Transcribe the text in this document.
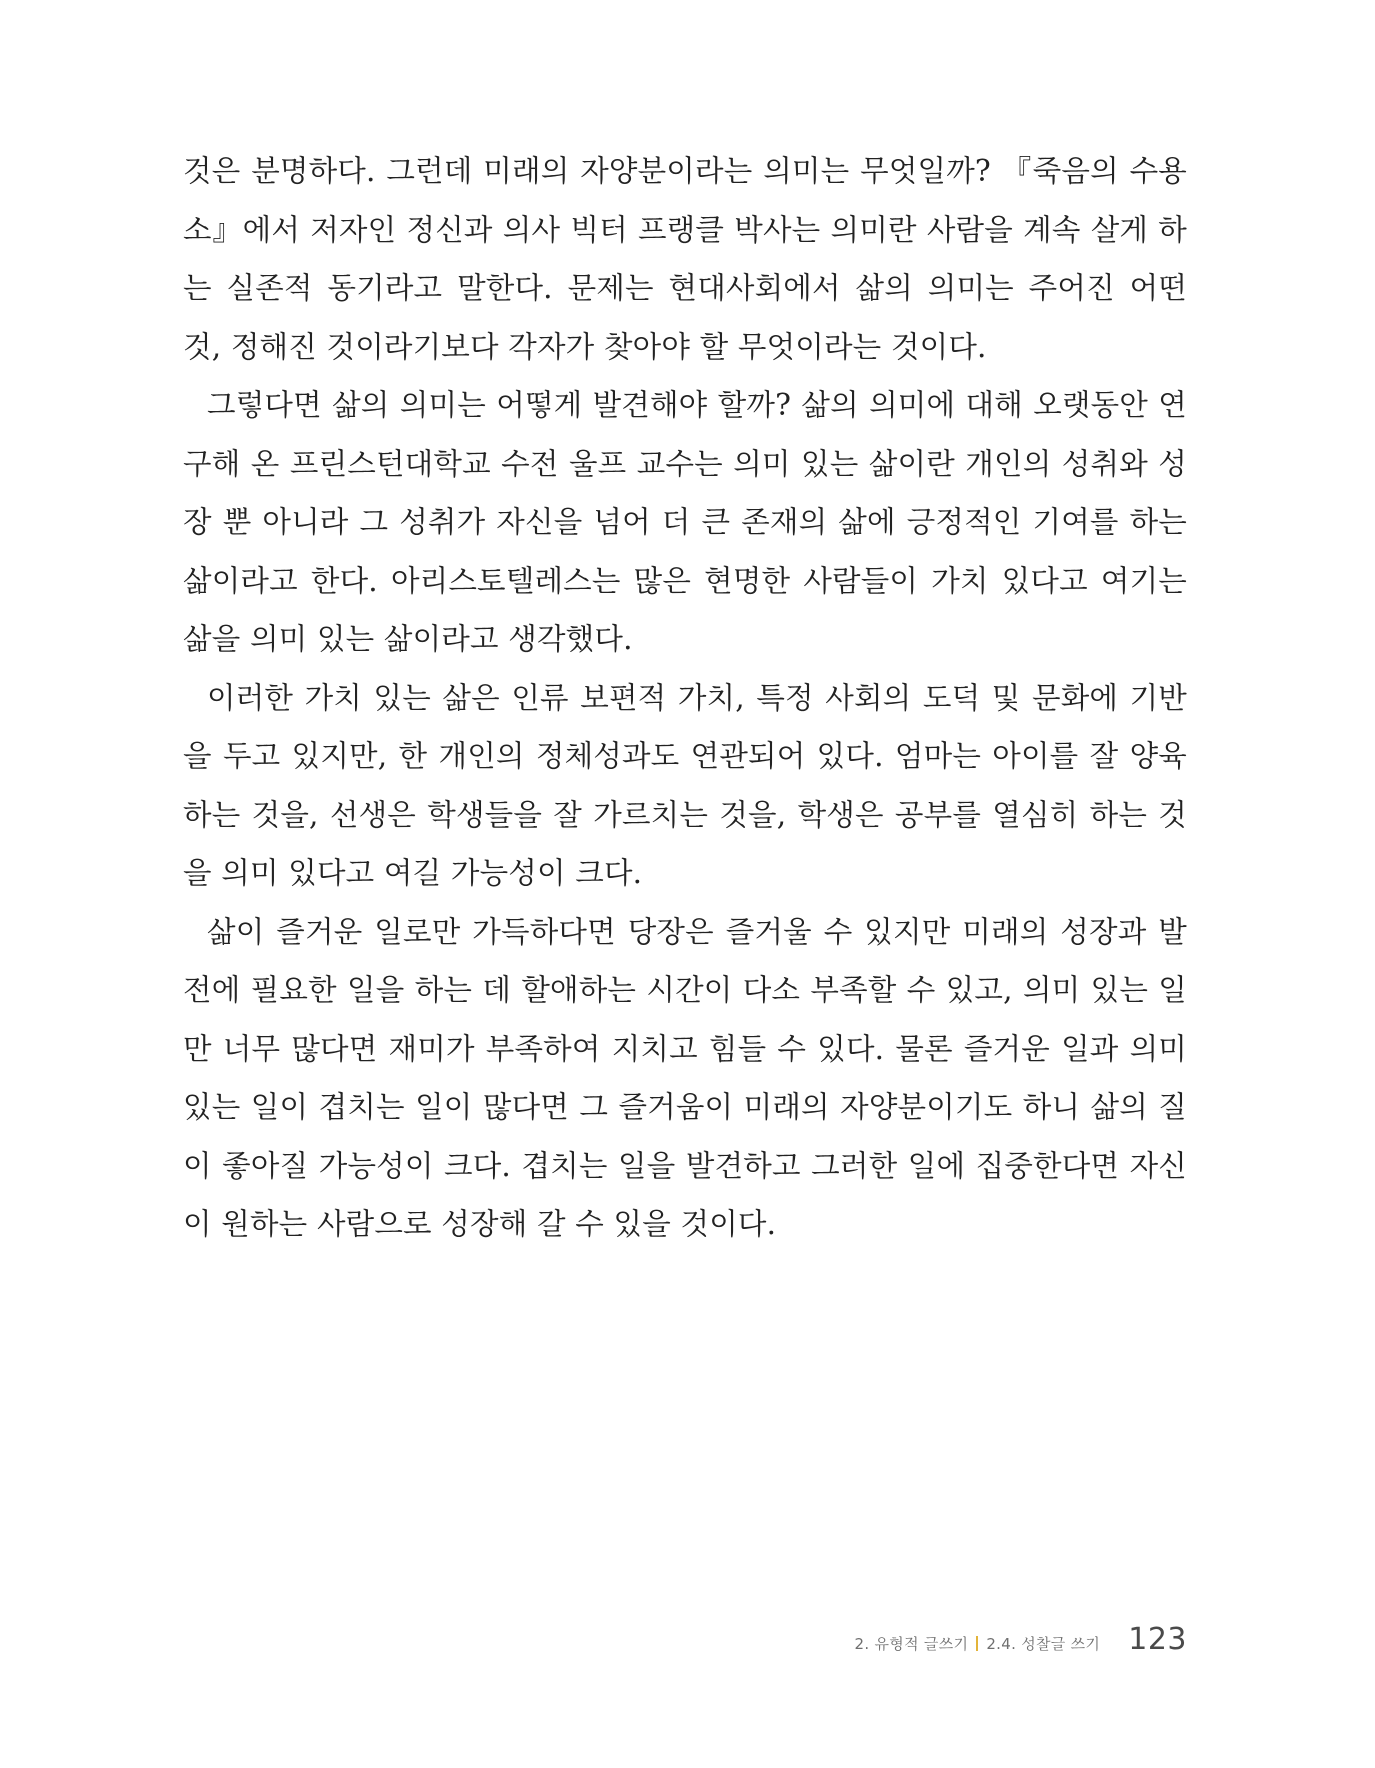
것은 분명하다. 그런데 미래의 자양분이라는 의미는 무엇일까? 『죽음의 수용소』에서 저자인 정신과 의사 빅터 프랭클 박사는 의미란 사람을 계속 살게 하는 실존적 동기라고 말한다. 문제는 현대사회에서 삶의 의미는 주어진 어떤 것, 정해진 것이라기보다 각자가 찾아야 할 무엇이라는 것이다.

그렇다면 삶의 의미는 어떻게 발견해야 할까? 삶의 의미에 대해 오랫동안 연구해 온 프린스턴대학교 수전 울프 교수는 의미 있는 삶이란 개인의 성취와 성장 뿐 아니라 그 성취가 자신을 넘어 더 큰 존재의 삶에 긍정적인 기여를 하는 삶이라고 한다. 아리스토텔레스는 많은 현명한 사람들이 가치 있다고 여기는 삶을 의미 있는 삶이라고 생각했다.

이러한 가치 있는 삶은 인류 보편적 가치, 특정 사회의 도덕 및 문화에 기반을 두고 있지만, 한 개인의 정체성과도 연관되어 있다. 엄마는 아이를 잘 양육하는 것을, 선생은 학생들을 잘 가르치는 것을, 학생은 공부를 열심히 하는 것을 의미 있다고 여길 가능성이 크다.

삶이 즐거운 일로만 가득하다면 당장은 즐거울 수 있지만 미래의 성장과 발전에 필요한 일을 하는 데 할애하는 시간이 다소 부족할 수 있고, 의미 있는 일만 너무 많다면 재미가 부족하여 지치고 힘들 수 있다. 물론 즐거운 일과 의미 있는 일이 겹치는 일이 많다면 그 즐거움이 미래의 자양분이기도 하니 삶의 질이 좋아질 가능성이 크다. 겹치는 일을 발견하고 그러한 일에 집중한다면 자신이 원하는 사람으로 성장해 갈 수 있을 것이다.

2. 유형적 글쓰기 2.4. 성찰글 쓰기 123
